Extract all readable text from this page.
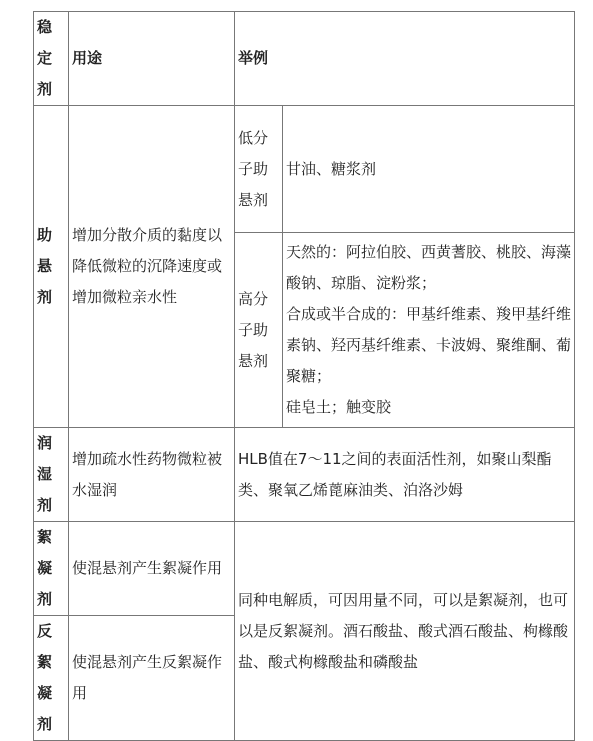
稳定剂	用途	举例	
助悬剂	增加分散介质的黏度以降低微粒的沉降速度或增加微粒亲水性	低分子助悬剂	甘油、糖浆剂
		高分子助悬剂	天然的：阿拉伯胶、西黄蓍胶、桃胶、海藻酸钠、琼脂、淀粉浆；
合成或半合成的：甲基纤维素、羧甲基纤维素钠、羟丙基纤维素、卡波姆、聚维酮、葡聚糖；
硅皂土；触变胶

润湿剂	增加疏水性药物微粒被水湿润	HLB值在7～11之间的表面活性剂，如聚山梨酯类、聚氧乙烯蓖麻油类、泊洛沙姆	
絮凝剂	使混悬剂产生絮凝作用	同种电解质，可因用量不同，可以是絮凝剂，也可以是反絮凝剂。酒石酸盐、酸式酒石酸盐、枸橼酸盐、酸式枸橼酸盐和磷酸盐	
反絮凝剂	使混悬剂产生反絮凝作用		
